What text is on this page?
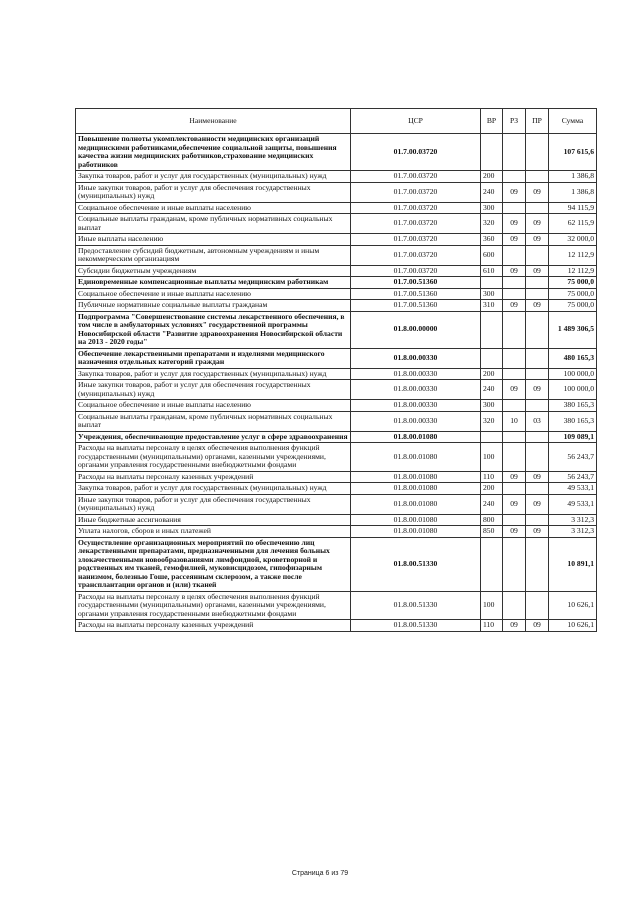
Наименование	ЦСР	ВР	РЗ	ПР	Сумма
Повышение полноты укомплектованности медицинских организаций медицинскими работниками,обеспечение социальной защиты, повышения качества жизни медицинских работников,страхование медицинских работников	01.7.00.03720				107 615,6
Закупка товаров, работ и услуг для государственных (муниципальных) нужд	01.7.00.03720	200			1 386,8
Иные закупки товаров, работ и услуг для обеспечения государственных (муниципальных) нужд	01.7.00.03720	240	09	09	1 386,8
Социальное обеспечение и иные выплаты населению	01.7.00.03720	300			94 115,9
Социальные выплаты гражданам, кроме публичных нормативных социальных выплат	01.7.00.03720	320	09	09	62 115,9
Иные выплаты населению	01.7.00.03720	360	09	09	32 000,0
Предоставление субсидий бюджетным, автономным учреждениям и иным некоммерческим организациям	01.7.00.03720	600			12 112,9
Субсидии бюджетным учреждениям	01.7.00.03720	610	09	09	12 112,9
Единовременные компенсационные выплаты медицинским работникам	01.7.00.51360				75 000,0
Социальное обеспечение и иные выплаты населению	01.7.00.51360	300			75 000,0
Публичные нормативные социальные выплаты гражданам	01.7.00.51360	310	09	09	75 000,0
Подпрограмма "Совершенствование системы лекарственного обеспечения, в том числе в амбулаторных условиях" государственной программы Новосибирской области "Развитие здравоохранения Новосибирской области на 2013 - 2020 годы"	01.8.00.00000				1 489 306,5
Обеспечение лекарственными препаратами и изделиями медицинского назначения отдельных категорий граждан	01.8.00.00330				480 165,3
Закупка товаров, работ и услуг для государственных (муниципальных) нужд	01.8.00.00330	200			100 000,0
Иные закупки товаров, работ и услуг для обеспечения государственных (муниципальных) нужд	01.8.00.00330	240	09	09	100 000,0
Социальное обеспечение и иные выплаты населению	01.8.00.00330	300			380 165,3
Социальные выплаты гражданам, кроме публичных нормативных социальных выплат	01.8.00.00330	320	10	03	380 165,3
Учреждения, обеспечивающие предоставление услуг в сфере здравоохранения	01.8.00.01080				109 089,1
Расходы на выплаты персоналу в целях обеспечения выполнения функций государственными (муниципальными) органами, казенными учреждениями, органами управления государственными внебюджетными фондами	01.8.00.01080	100			56 243,7
Расходы на выплаты персоналу казенных учреждений	01.8.00.01080	110	09	09	56 243,7
Закупка товаров, работ и услуг для государственных (муниципальных) нужд	01.8.00.01080	200			49 533,1
Иные закупки товаров, работ и услуг для обеспечения государственных (муниципальных) нужд	01.8.00.01080	240	09	09	49 533,1
Иные бюджетные ассигнования	01.8.00.01080	800			3 312,3
Уплата налогов, сборов и иных платежей	01.8.00.01080	850	09	09	3 312,3
Осуществление организационных мероприятий по обеспечению лиц лекарственными препаратами, предназначенными для лечения больных злокачественными новообразованиями лимфоидной, кроветворной и родственных им тканей, гемофилией, муковисцидозом, гипофизарным нанизмом, болезнью Гоше, рассеянным склерозом, а также после трансплантации органов и (или) тканей	01.8.00.51330				10 891,1
Расходы на выплаты персоналу в целях обеспечения выполнения функций государственными (муниципальными) органами, казенными учреждениями, органами управления государственными внебюджетными фондами	01.8.00.51330	100			10 626,1
Расходы на выплаты персоналу казенных учреждений	01.8.00.51330	110	09	09	10 626,1
Страница 6 из 79
